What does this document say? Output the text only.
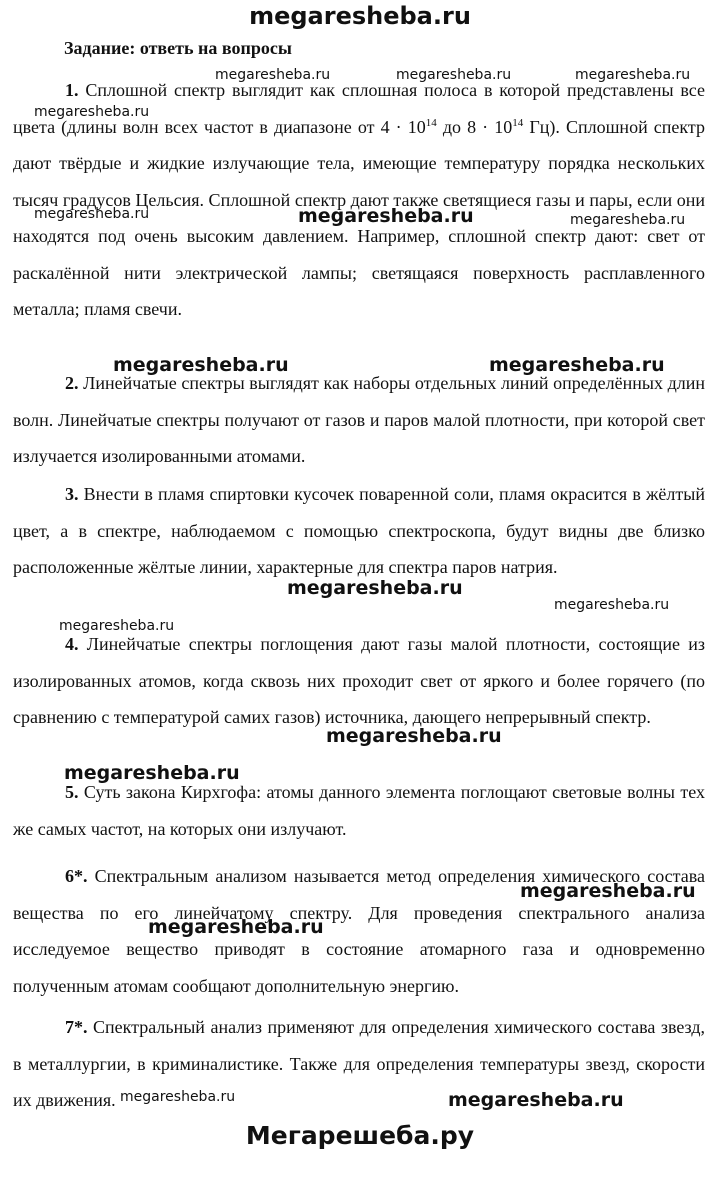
megaresheba.ru
Задание: ответь на вопросы
1. Сплошной спектр выглядит как сплошная полоса в которой представлены все цвета (длины волн всех частот в диапазоне от $4 \cdot 10^{14}$ до $8 \cdot 10^{14}$ Гц). Сплошной спектр дают твёрдые и жидкие излучающие тела, имеющие температуру порядка нескольких тысяч градусов Цельсия. Сплошной спектр дают также светящиеся газы и пары, если они находятся под очень высоким давлением. Например, сплошной спектр дают: свет от раскалённой нити электрической лампы; светящаяся поверхность расплавленного металла; пламя свечи.
2. Линейчатые спектры выглядят как наборы отдельных линий определённых длин волн. Линейчатые спектры получают от газов и паров малой плотности, при которой свет излучается изолированными атомами.
3. Внести в пламя спиртовки кусочек поваренной соли, пламя окрасится в жёлтый цвет, а в спектре, наблюдаемом с помощью спектроскопа, будут видны две близко расположенные жёлтые линии, характерные для спектра паров натрия.
4. Линейчатые спектры поглощения дают газы малой плотности, состоящие из изолированных атомов, когда сквозь них проходит свет от яркого и более горячего (по сравнению с температурой самих газов) источника, дающего непрерывный спектр.
5. Суть закона Кирхгофа: атомы данного элемента поглощают световые волны тех же самых частот, на которых они излучают.
6*. Спектральным анализом называется метод определения химического состава вещества по его линейчатому спектру. Для проведения спектрального анализа исследуемое вещество приводят в состояние атомарного газа и одновременно полученным атомам сообщают дополнительную энергию.
7*. Спектральный анализ применяют для определения химического состава звезд, в металлургии, в криминалистике. Также для определения температуры звезд, скорости их движения.
megaresheba.ru	megaresheba.ru	megaresheba.ru
megaresheba.ru
megaresheba.ru	megaresheba.ru	megaresheba.ru
megaresheba.ru	megaresheba.ru
megaresheba.ru
megaresheba.ru
megaresheba.ru
megaresheba.ru
megaresheba.ru
megaresheba.ru
megaresheba.ru
megaresheba.ru	megaresheba.ru
Мегарешеба.ру
